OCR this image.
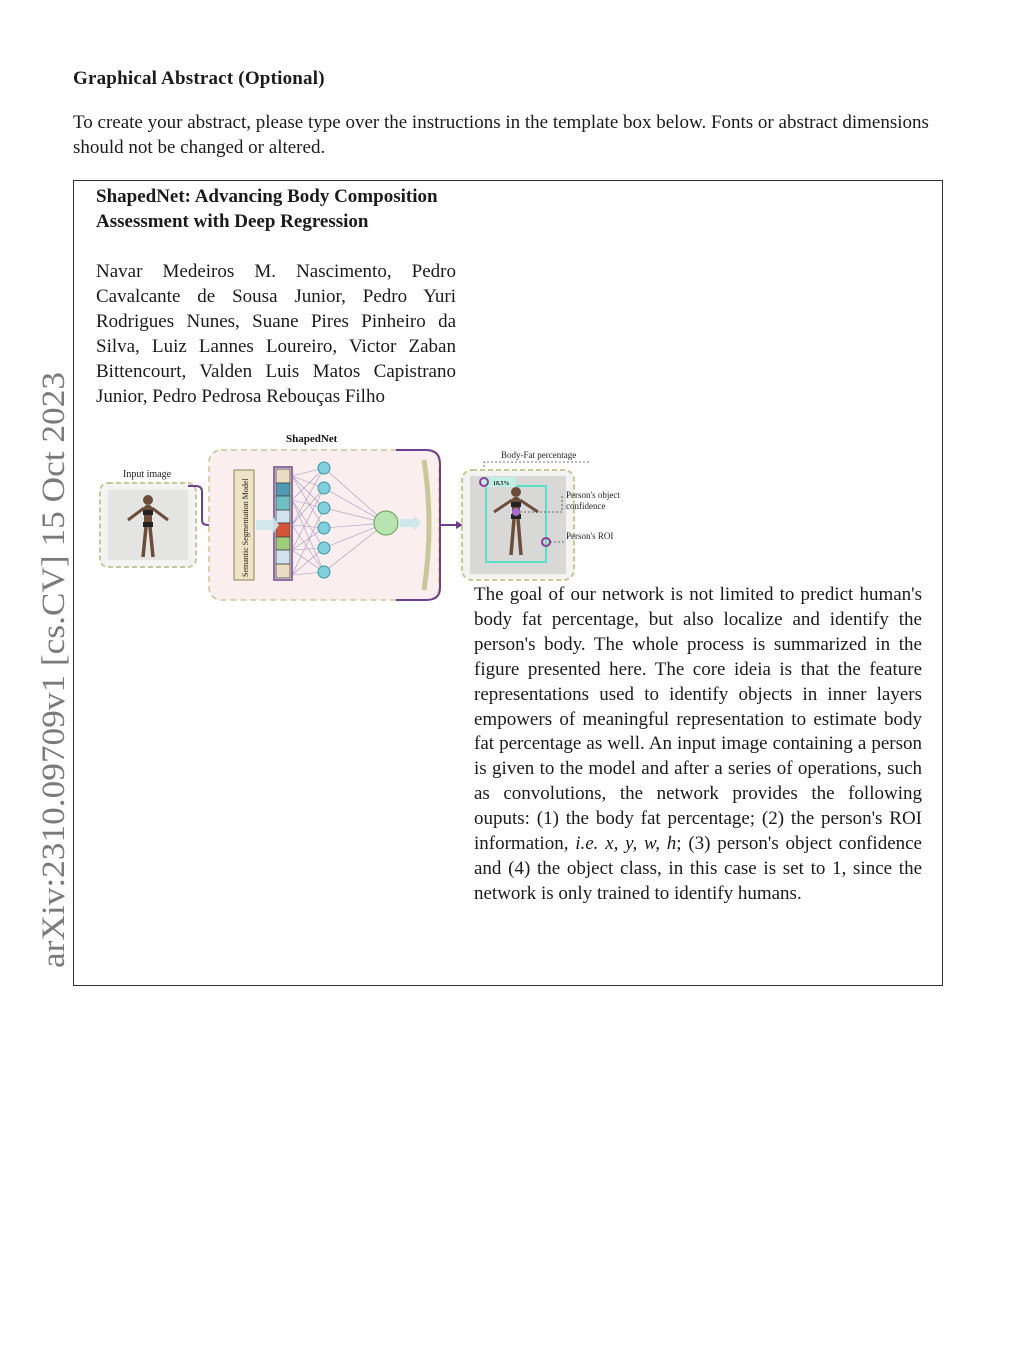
Graphical Abstract (Optional)
To create your abstract, please type over the instructions in the template box below. Fonts or abstract dimensions should not be changed or altered.
arXiv:2310.09709v1 [cs.CV] 15 Oct 2023
ShapedNet: Advancing Body Composition Assessment with Deep Regression
Navar Medeiros M. Nascimento, Pedro Cavalcante de Sousa Junior, Pedro Yuri Rodrigues Nunes, Suane Pires Pinheiro da Silva, Luiz Lannes Loureiro, Victor Zaban Bittencourt, Valden Luis Matos Capistrano Junior, Pedro Pedrosa Rebouças Filho
Input image
ShapedNet
Semantic Segmentation Model
Body-Fat percentage
18.5%
Person's object
confidence
Person's ROI
The goal of our network is not limited to predict human's body fat percentage, but also localize and identify the person's body. The whole process is summarized in the figure presented here. The core ideia is that the feature representations used to identify objects in inner layers empowers of meaningful representation to estimate body fat percentage as well. An input image containing a person is given to the model and after a series of operations, such as convolutions, the network provides the following ouputs: (1) the body fat percentage; (2) the person's ROI information, i.e. x, y, w, h; (3) person's object confidence and (4) the object class, in this case is set to 1, since the network is only trained to identify humans.
